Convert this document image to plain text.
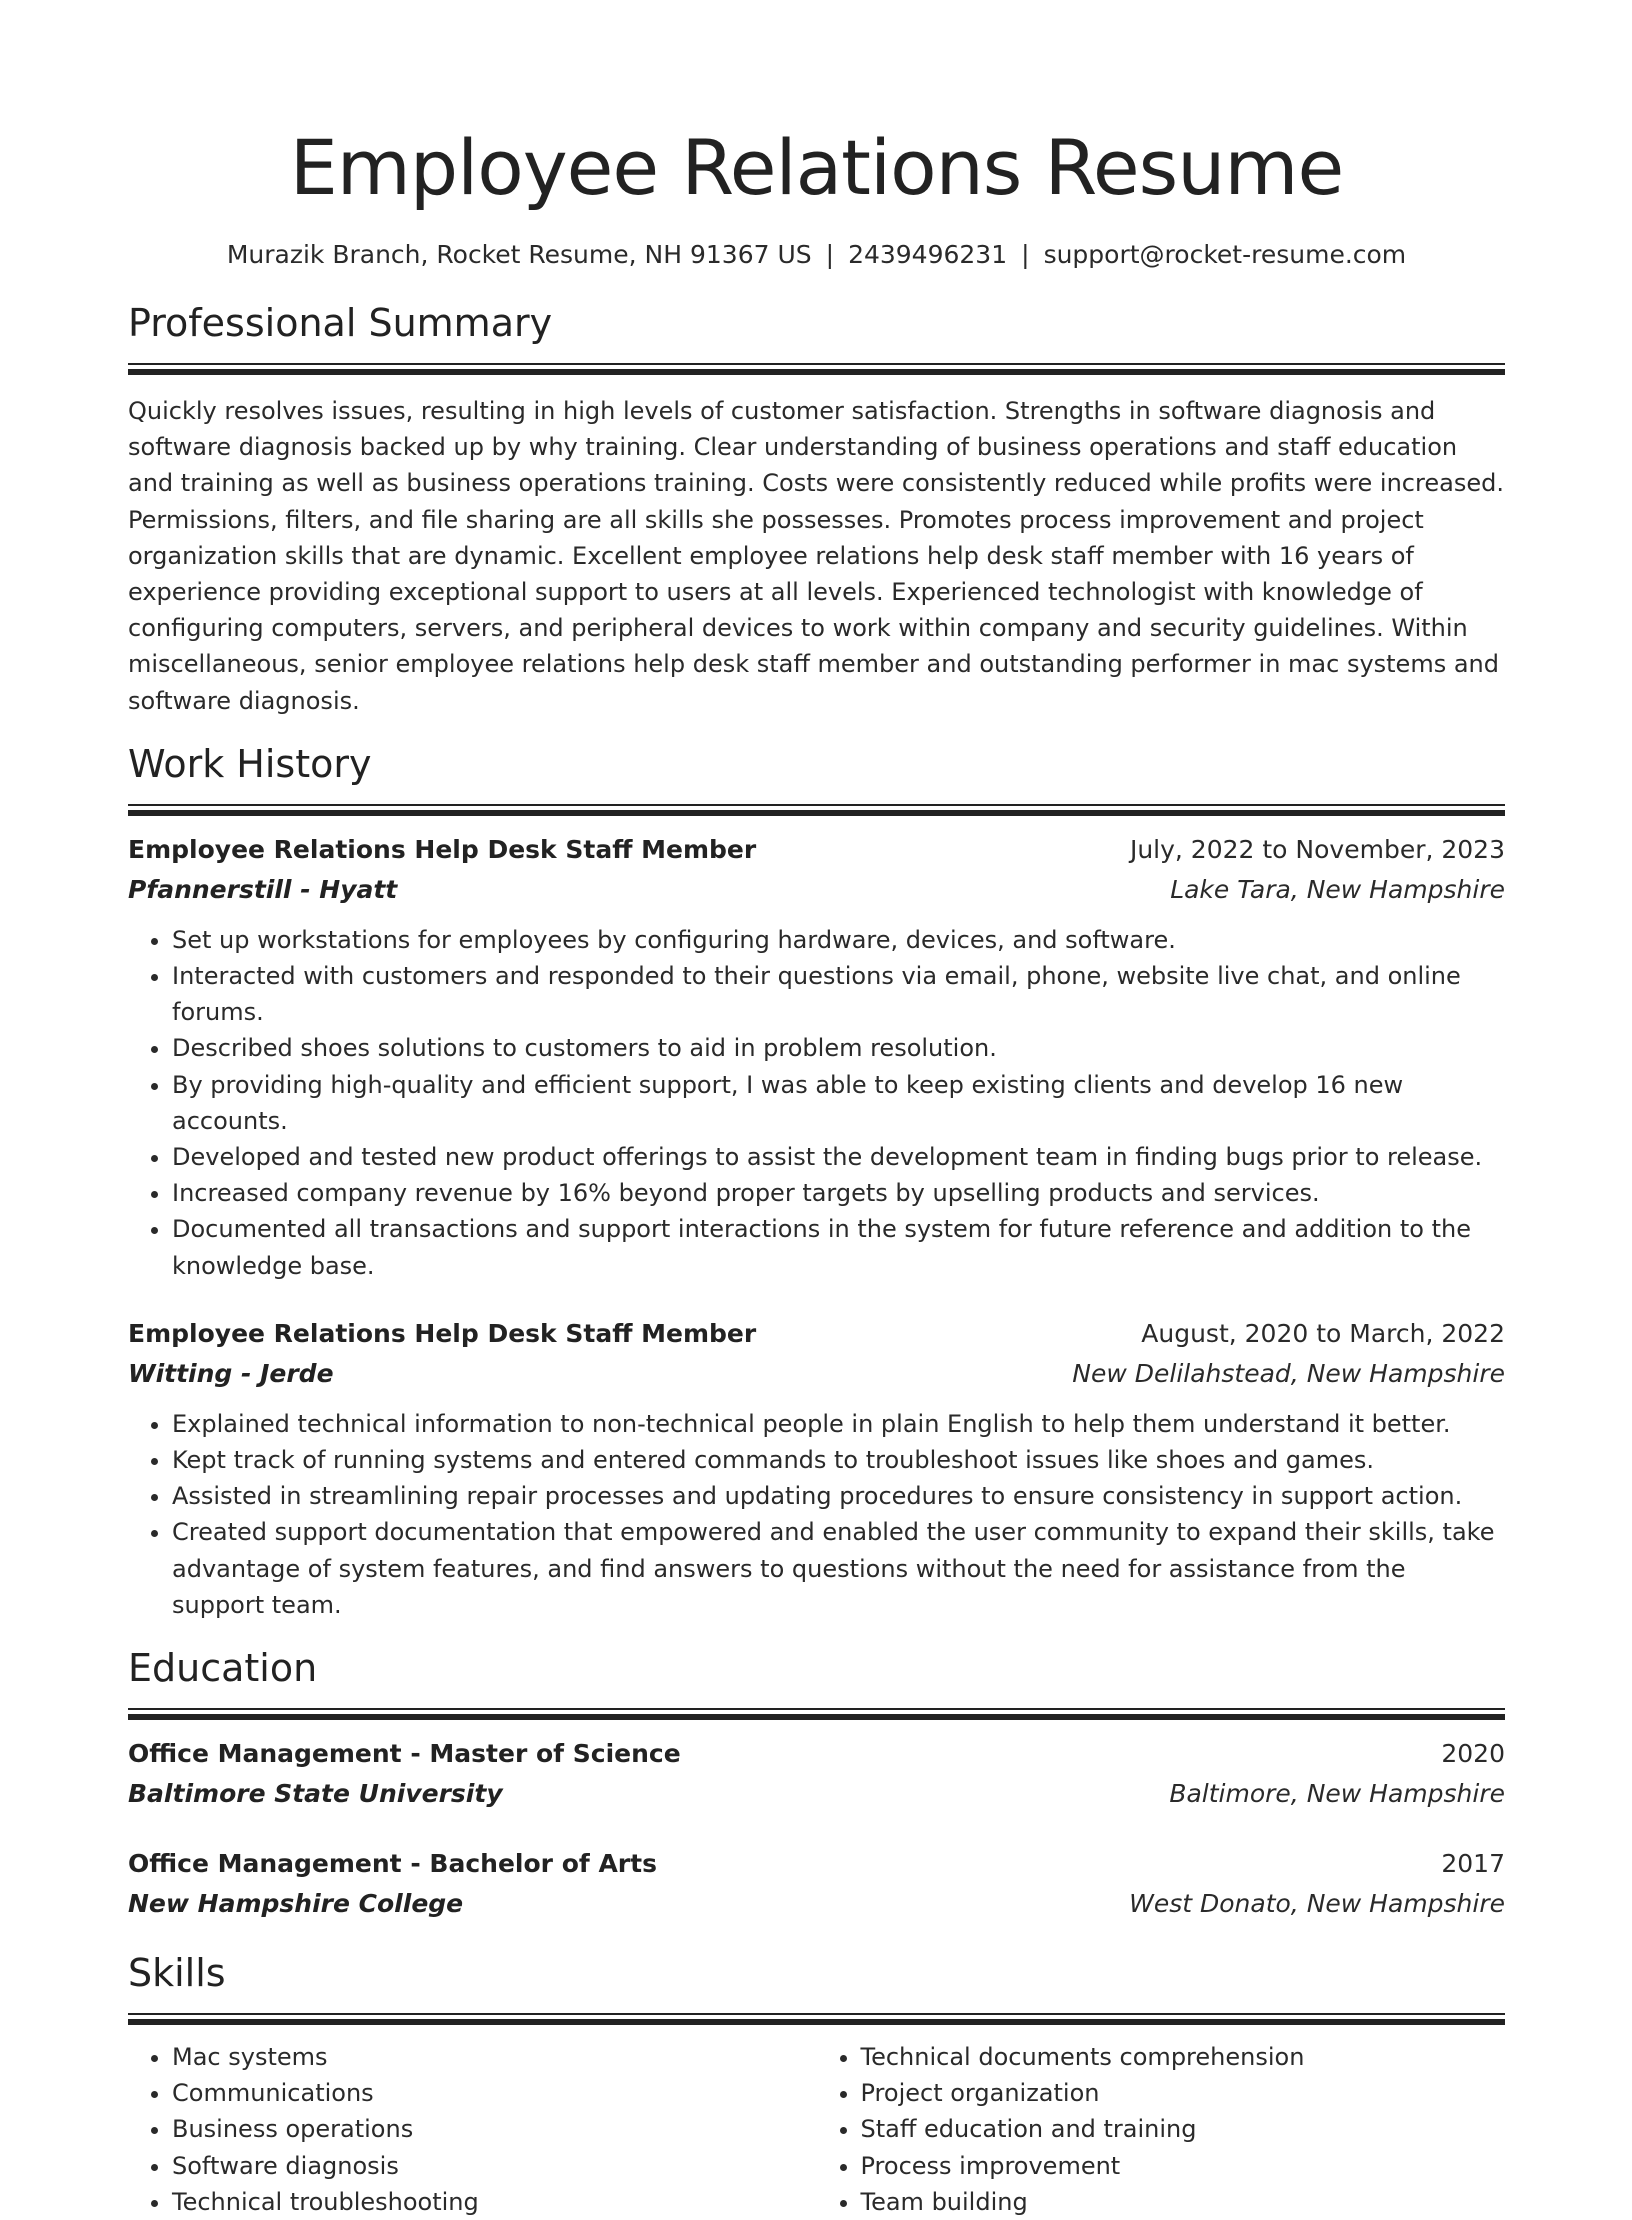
Employee Relations Resume
Murazik Branch, Rocket Resume, NH 91367 US | 2439496231 | support@rocket-resume.com
Professional Summary

Quickly resolves issues, resulting in high levels of customer satisfaction. Strengths in software diagnosis and software diagnosis backed up by why training. Clear understanding of business operations and staff education and training as well as business operations training. Costs were consistently reduced while profits were increased. Permissions, filters, and file sharing are all skills she possesses. Promotes process improvement and project organization skills that are dynamic. Excellent employee relations help desk staff member with 16 years of experience providing exceptional support to users at all levels. Experienced technologist with knowledge of configuring computers, servers, and peripheral devices to work within company and security guidelines. Within miscellaneous, senior employee relations help desk staff member and outstanding performer in mac systems and software diagnosis.

Work History
Employee Relations Help Desk Staff Member	July, 2022 to November, 2023
Pfannerstill - Hyatt	Lake Tara, New Hampshire
• Set up workstations for employees by configuring hardware, devices, and software.
• Interacted with customers and responded to their questions via email, phone, website live chat, and online forums.
• Described shoes solutions to customers to aid in problem resolution.
• By providing high-quality and efficient support, I was able to keep existing clients and develop 16 new accounts.
• Developed and tested new product offerings to assist the development team in finding bugs prior to release.
• Increased company revenue by 16% beyond proper targets by upselling products and services.
• Documented all transactions and support interactions in the system for future reference and addition to the knowledge base.
Employee Relations Help Desk Staff Member	August, 2020 to March, 2022
Witting - Jerde	New Delilahstead, New Hampshire
• Explained technical information to non-technical people in plain English to help them understand it better.
• Kept track of running systems and entered commands to troubleshoot issues like shoes and games.
• Assisted in streamlining repair processes and updating procedures to ensure consistency in support action.
• Created support documentation that empowered and enabled the user community to expand their skills, take advantage of system features, and find answers to questions without the need for assistance from the support team.
Education
Office Management - Master of Science	2020
Baltimore State University	Baltimore, New Hampshire
Office Management - Bachelor of Arts	2017
New Hampshire College	West Donato, New Hampshire
Skills
• Mac systems
• Communications
• Business operations
• Software diagnosis
• Technical troubleshooting
• Technical documents comprehension
• Project organization
• Staff education and training
• Process improvement
• Team building
